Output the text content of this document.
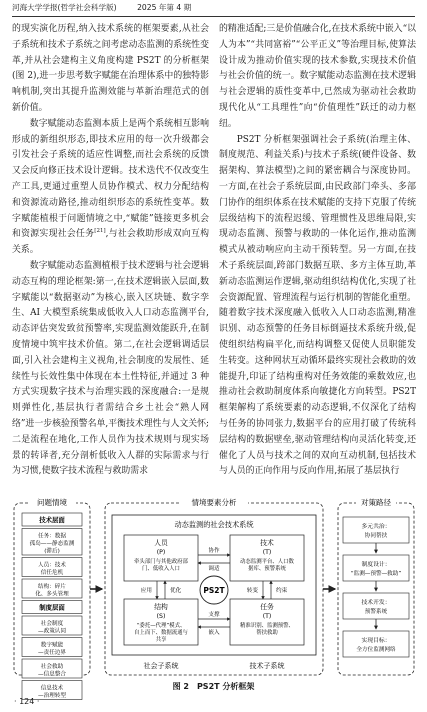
河海大学学报(哲学社会科学版)	2025 年第 4 期

的现实演化历程,纳入技术系统的框架要素,从社会子系统和技术子系统之间考虑动态监测的系统性变革,并从社会建构主义角度构建 PS2T 的分析框架(图 2),进一步思考数字赋能在治理体系中的独特影响机制,突出其提升监测效能与革新治理范式的创新价值。

数字赋能动态监测本质上是两个系统相互影响形成的新组织形态,即技术应用的每一次升级都会引发社会子系统的适应性调整,而社会系统的反馈又会反向修正技术设计逻辑。技术迭代不仅改变生产工具,更通过重塑人员协作模式、权力分配结构和资源流动路径,推动组织形态的系统性变革。数字赋能植根于问题情境之中,“赋能”链接更多机会和资源实现社会任务[21],与社会救助形成双向互构关系。

数字赋能动态监测植根于技术逻辑与社会逻辑动态互构的理论框架:第一,在技术逻辑嵌入层面,数字赋能以“数据驱动”为核心,嵌入区块链、数字孪生、AI 大模型系统集成低收入人口动态监测平台,动态评估突发致贫预警率,实现监测效能跃升,在制度情境中筑牢技术价值。第二,在社会逻辑调适层面,引入社会建构主义视角,社会制度的发展性、延续性与长效性集中体现在本土性特征,并通过 3 种方式实现数字技术与治理实践的深度融合:一是规则弹性化,基层执行者需结合乡土社会“熟人网络”进一步核验预警名单,平衡技术理性与人文关怀;二是流程在地化,工作人员作为技术规则与现实场景的转译者,充分剖析低收入人群的实际需求与行为习惯,使数字技术流程与救助需求

的精准适配;三是价值融合化,在技术系统中嵌入“以人为本”“共同富裕”“公平正义”等治理目标,使算法设计成为推动价值实现的技术参数,实现技术价值与社会价值的统一。数字赋能动态监测在技术逻辑与社会逻辑的质性变革中,已然成为驱动社会救助现代化从“工具理性”向“价值理性”跃迁的动力枢纽。

PS2T 分析框架强调社会子系统(治理主体、制度规范、利益关系)与技术子系统(硬件设备、数据架构、算法模型)之间的紧密耦合与深度协同。一方面,在社会子系统层面,由民政部门牵头、多部门协作的组织体系在技术赋能的支持下克服了传统层级结构下的流程迟缓、管理惯性及思维局限,实现动态监测、预警与救助的一体化运作,推动监测模式从被动响应向主动干预转型。另一方面,在技术子系统层面,跨部门数据互联、多方主体互助,革新动态监测运作逻辑,驱动组织结构优化,实现了社会资源配置、管理流程与运行机制的智能化重塑。随着数字技术深度融入低收入人口动态监测,精准识别、动态预警的任务目标倒逼技术系统升级,促使组织结构扁平化,而结构调整又促使人员职能发生转变。这种网状互动循环最终实现社会救助的效能提升,印证了结构重构对任务效能的乘数效应,也推动社会救助制度体系向敏捷化方向转型。PS2T 框架解构了系统要素的动态逻辑,不仅深化了结构与任务的协同张力,数据平台的应用打破了传统科层结构的数据壁垒,驱动管理结构向灵活化转变,还催化了人员与技术之间的双向互动机制,包括技术与人员的正向作用与反向作用,拓展了基层执行

问题情境
技术层面
任务：数据
孤岛——静态监测
(滞后)
人员：技术
信任危机
结构：碎片
化、多头管理
制度层面
社会制度
—政策认同
数字赋能
—责任边界
社会救助
—信息整合
信息技术
—治理转型
情境要素分析
动态监测的社会技术系统
人员
(P)
牵头部门与其他政府部
门、低收入人口
技术
(T)
动态监测平台、人口数
据库、预警系统
结构
(S)
“委托—代理”模式、
自上而下、数据流通与
共享
任务
(T)
精准识别、监测预警、
帮扶救助
协作
调适
支撑
嵌入
应用	优化	转变	约束
PS2T
社会子系统	技术子系统
对策路径
多元共治：
协同帮扶
制度设计：
“监测—预警—救助”
技术开发：
预警系统
实现目标：
全方位监测网络
图 2　PS2T 分析框架
· 124 ·
